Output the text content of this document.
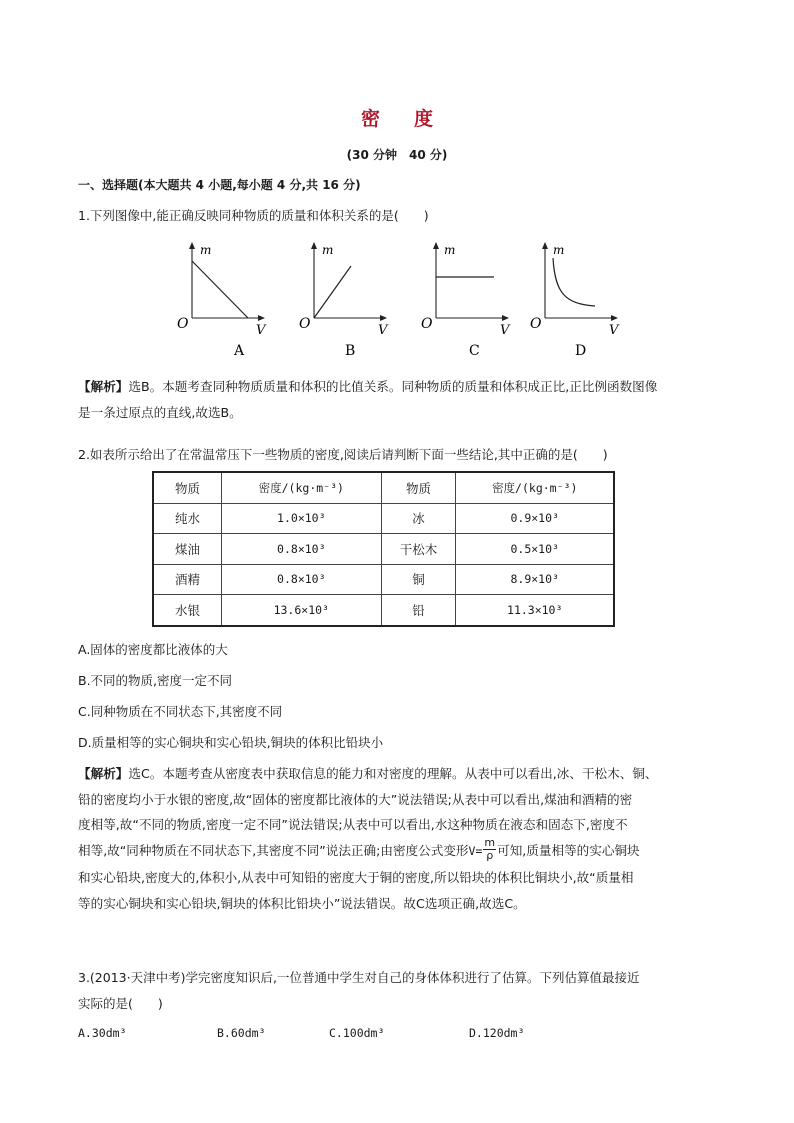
密 度
(30 分钟　40 分)
一、选择题(本大题共 4 小题,每小题 4 分,共 16 分)
1.下列图像中,能正确反映同种物质的质量和体积关系的是(　　)
m
O	V
A
m
O	V
B
m
O	V
C
m
O	V
D
【解析】选B。本题考查同种物质质量和体积的比值关系。同种物质的质量和体积成正比,正比例函数图像
是一条过原点的直线,故选B。
2.如表所示给出了在常温常压下一些物质的密度,阅读后请判断下面一些结论,其中正确的是(　　)
物质	密度/(kg·m⁻³)	物质	密度/(kg·m⁻³)
纯水	1.0×10³	冰	0.9×10³
煤油	0.8×10³	干松木	0.5×10³
酒精	0.8×10³	铜	8.9×10³
水银	13.6×10³	铅	11.3×10³
A.固体的密度都比液体的大
B.不同的物质,密度一定不同
C.同种物质在不同状态下,其密度不同
D.质量相等的实心铜块和实心铅块,铜块的体积比铅块小
【解析】选C。本题考查从密度表中获取信息的能力和对密度的理解。从表中可以看出,冰、干松木、铜、
铅的密度均小于水银的密度,故“固体的密度都比液体的大”说法错误;从表中可以看出,煤油和酒精的密
度相等,故“不同的物质,密度一定不同”说法错误;从表中可以看出,水这种物质在液态和固态下,密度不
相等,故“同种物质在不同状态下,其密度不同”说法正确;由密度公式变形$V= \frac{m}{\rho}$ 可知,质量相等的实心铜块
和实心铅块,密度大的,体积小,从表中可知铅的密度大于铜的密度,所以铅块的体积比铜块小,故“质量相
等的实心铜块和实心铅块,铜块的体积比铅块小”说法错误。故C选项正确,故选C。
3.(2013·天津中考)学完密度知识后,一位普通中学生对自己的身体体积进行了估算。下列估算值最接近
实际的是(　　)
A.30dm³	B.60dm³	C.100dm³	D.120dm³
